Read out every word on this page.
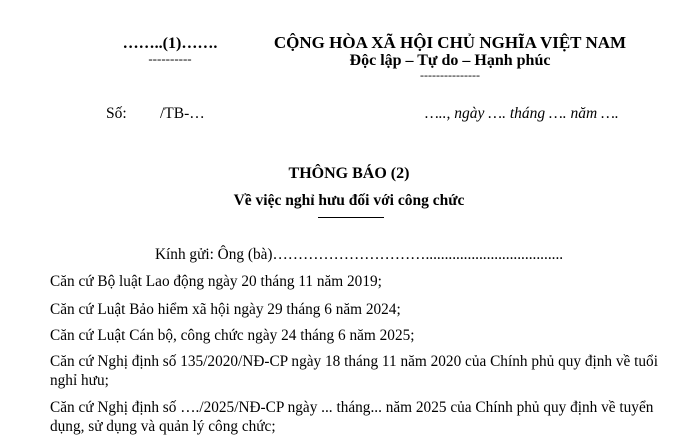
……..(1)…….
----------
CỘNG HÒA XÃ HỘI CHỦ NGHĨA VIỆT NAM
Độc lập – Tự do – Hạnh phúc
---------------
Số: /TB-…	….., ngày …. tháng …. năm ….
THÔNG BÁO (2)
Về việc nghỉ hưu đối với công chức
Kính gửi: Ông (bà)…………………………....................................
Căn cứ Bộ luật Lao động ngày 20 tháng 11 năm 2019;
Căn cứ Luật Bảo hiểm xã hội ngày 29 tháng 6 năm 2024;
Căn cứ Luật Cán bộ, công chức ngày 24 tháng 6 năm 2025;
Căn cứ Nghị định số 135/2020/NĐ-CP ngày 18 tháng 11 năm 2020 của Chính phủ quy định về tuổi nghỉ hưu;
Căn cứ Nghị định số …./2025/NĐ-CP ngày ... tháng... năm 2025 của Chính phủ quy định về tuyển dụng, sử dụng và quản lý công chức;
